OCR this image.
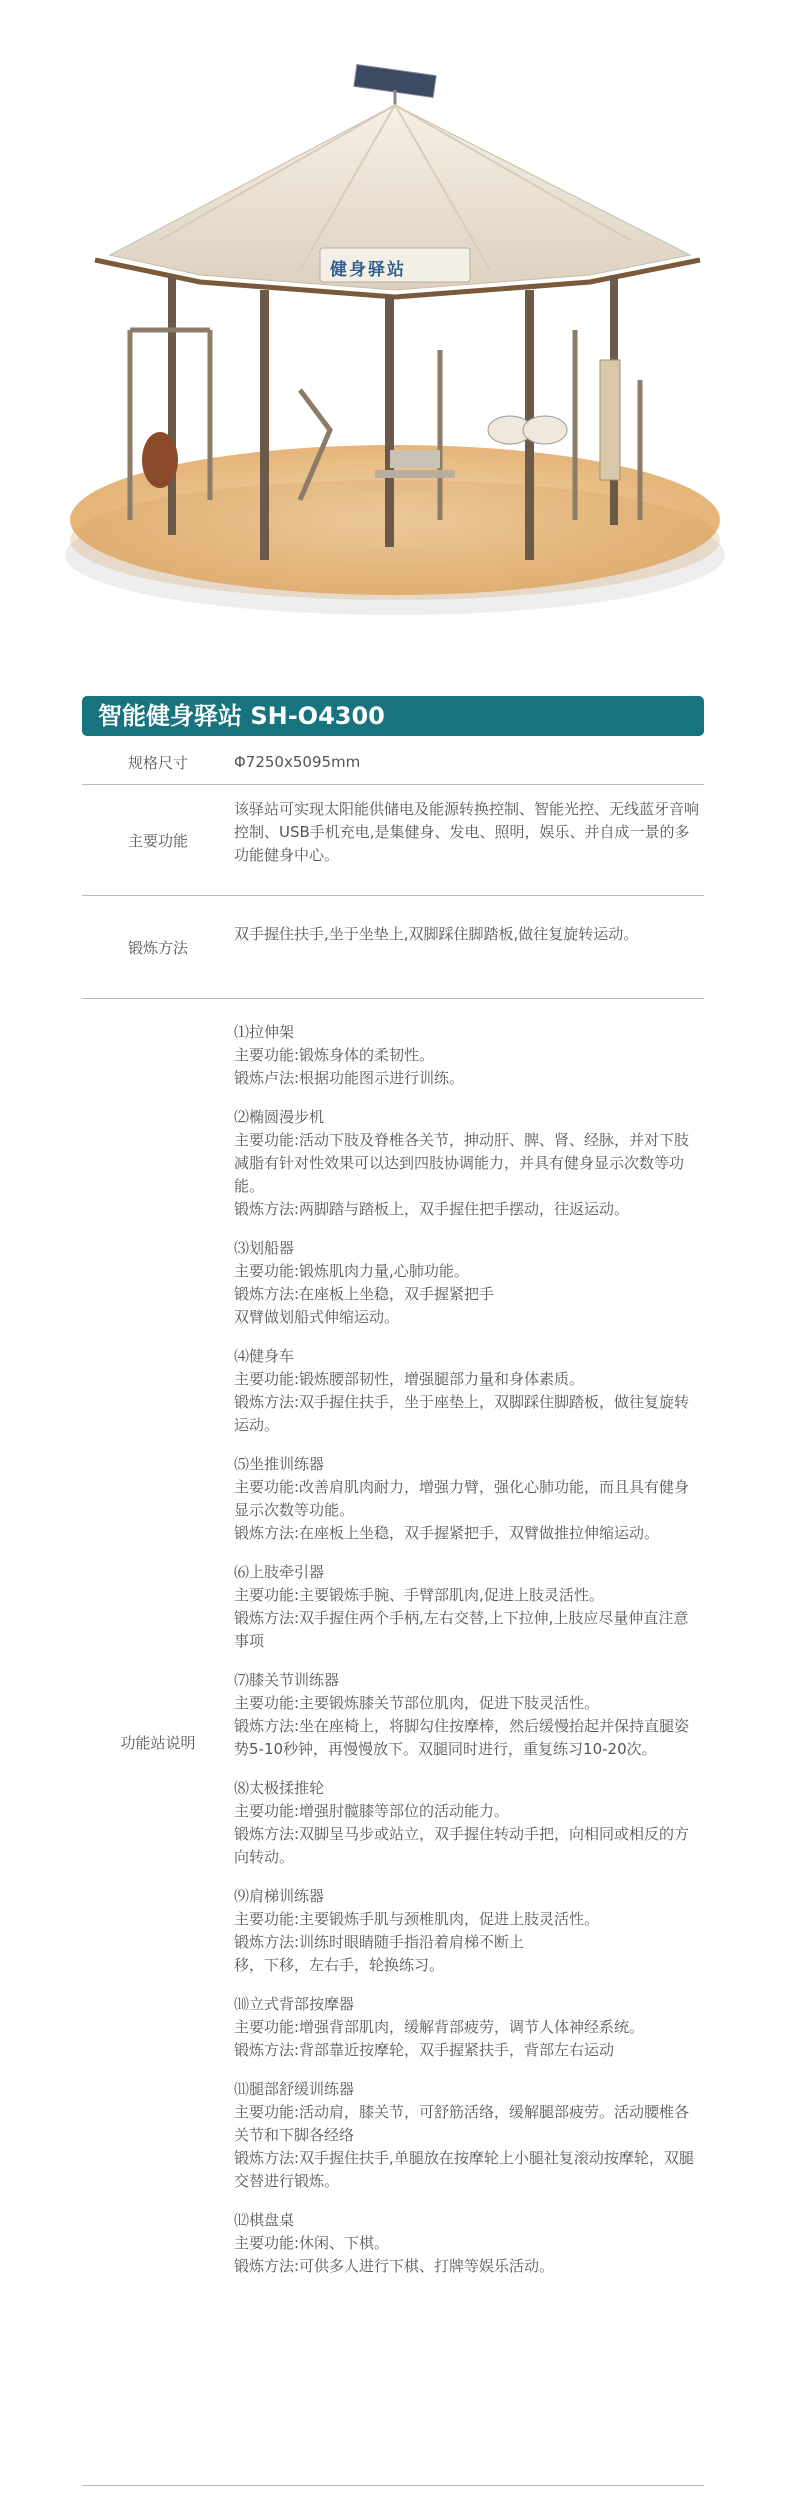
健身驿站
智能健身驿站 SH-O4300
规格尺寸	Φ7250x5095mm
主要功能
该驿站可实现太阳能供储电及能源转换控制、智能光控、无线蓝牙音响控制、USB手机充电,是集健身、发电、照明，娱乐、并自成一景的多功能健身中心。
锻炼方法
双手握住扶手,坐于坐垫上,双脚踩住脚踏板,做往复旋转运动。
功能站说明
⑴拉伸架
主要功能:锻炼身体的柔韧性。
锻炼卢法:根据功能图示进行训练。
⑵椭圆漫步机
主要功能:活动下肢及脊椎各关节，抻动肝、脾、肾、经脉，并对下肢减脂有针对性效果可以达到四肢协调能力，并具有健身显示次数等功能。
锻炼方法:两脚踏与踏板上，双手握住把手摆动，往返运动。
⑶划船器
主要功能:锻炼肌肉力量,心肺功能。
锻炼方法:在座板上坐稳，双手握紧把手
双臂做划船式伸缩运动。
⑷健身车
主要功能:锻炼腰部韧性，增强腿部力量和身体素质。
锻炼方法:双手握住扶手，坐于座垫上，双脚踩住脚踏板，做往复旋转运动。
⑸坐推训练器
主要功能:改善肩肌肉耐力，增强力臂，强化心肺功能，而且具有健身显示次数等功能。
锻炼方法:在座板上坐稳，双手握紧把手，双臂做推拉伸缩运动。
⑹上肢牵引器
主要功能:主要锻炼手腕、手臂部肌肉,促进上肢灵活性。
锻炼方法:双手握住两个手柄,左右交替,上下拉伸,上肢应尽量伸直注意事项
⑺膝关节训练器
主要功能:主要锻炼膝关节部位肌肉，促进下肢灵活性。
锻炼方法:坐在座椅上，将脚勾住按摩棒，然后缓慢抬起并保持直腿姿势5-10秒钟，再慢慢放下。双腿同时进行，重复练习10-20次。
⑻太极揉推轮
主要功能:增强肘髋膝等部位的活动能力。
锻炼方法:双脚呈马步或站立，双手握住转动手把，向相同或相反的方向转动。
⑼肩梯训练器
主要功能:主要锻炼手肌与颈椎肌肉，促进上肢灵活性。
锻炼方法:训练时眼睛随手指沿着肩梯不断上
移，下移，左右手，轮换练习。
⑽立式背部按摩器
主要功能:增强背部肌肉，缓解背部疲劳，调节人体神经系统。
锻炼方法:背部靠近按摩轮，双手握紧扶手，背部左右运动
⑾腿部舒缓训练器
主要功能:活动肩，膝关节，可舒筋活络，缓解腿部疲劳。活动腰椎各关节和下脚各经络
锻炼方法:双手握住扶手,单腿放在按摩轮上小腿社复滚动按摩轮，双腿交替进行锻炼。
⑿棋盘桌
主要功能:休闲、下棋。
锻炼方法:可供多人进行下棋、打牌等娱乐活动。
